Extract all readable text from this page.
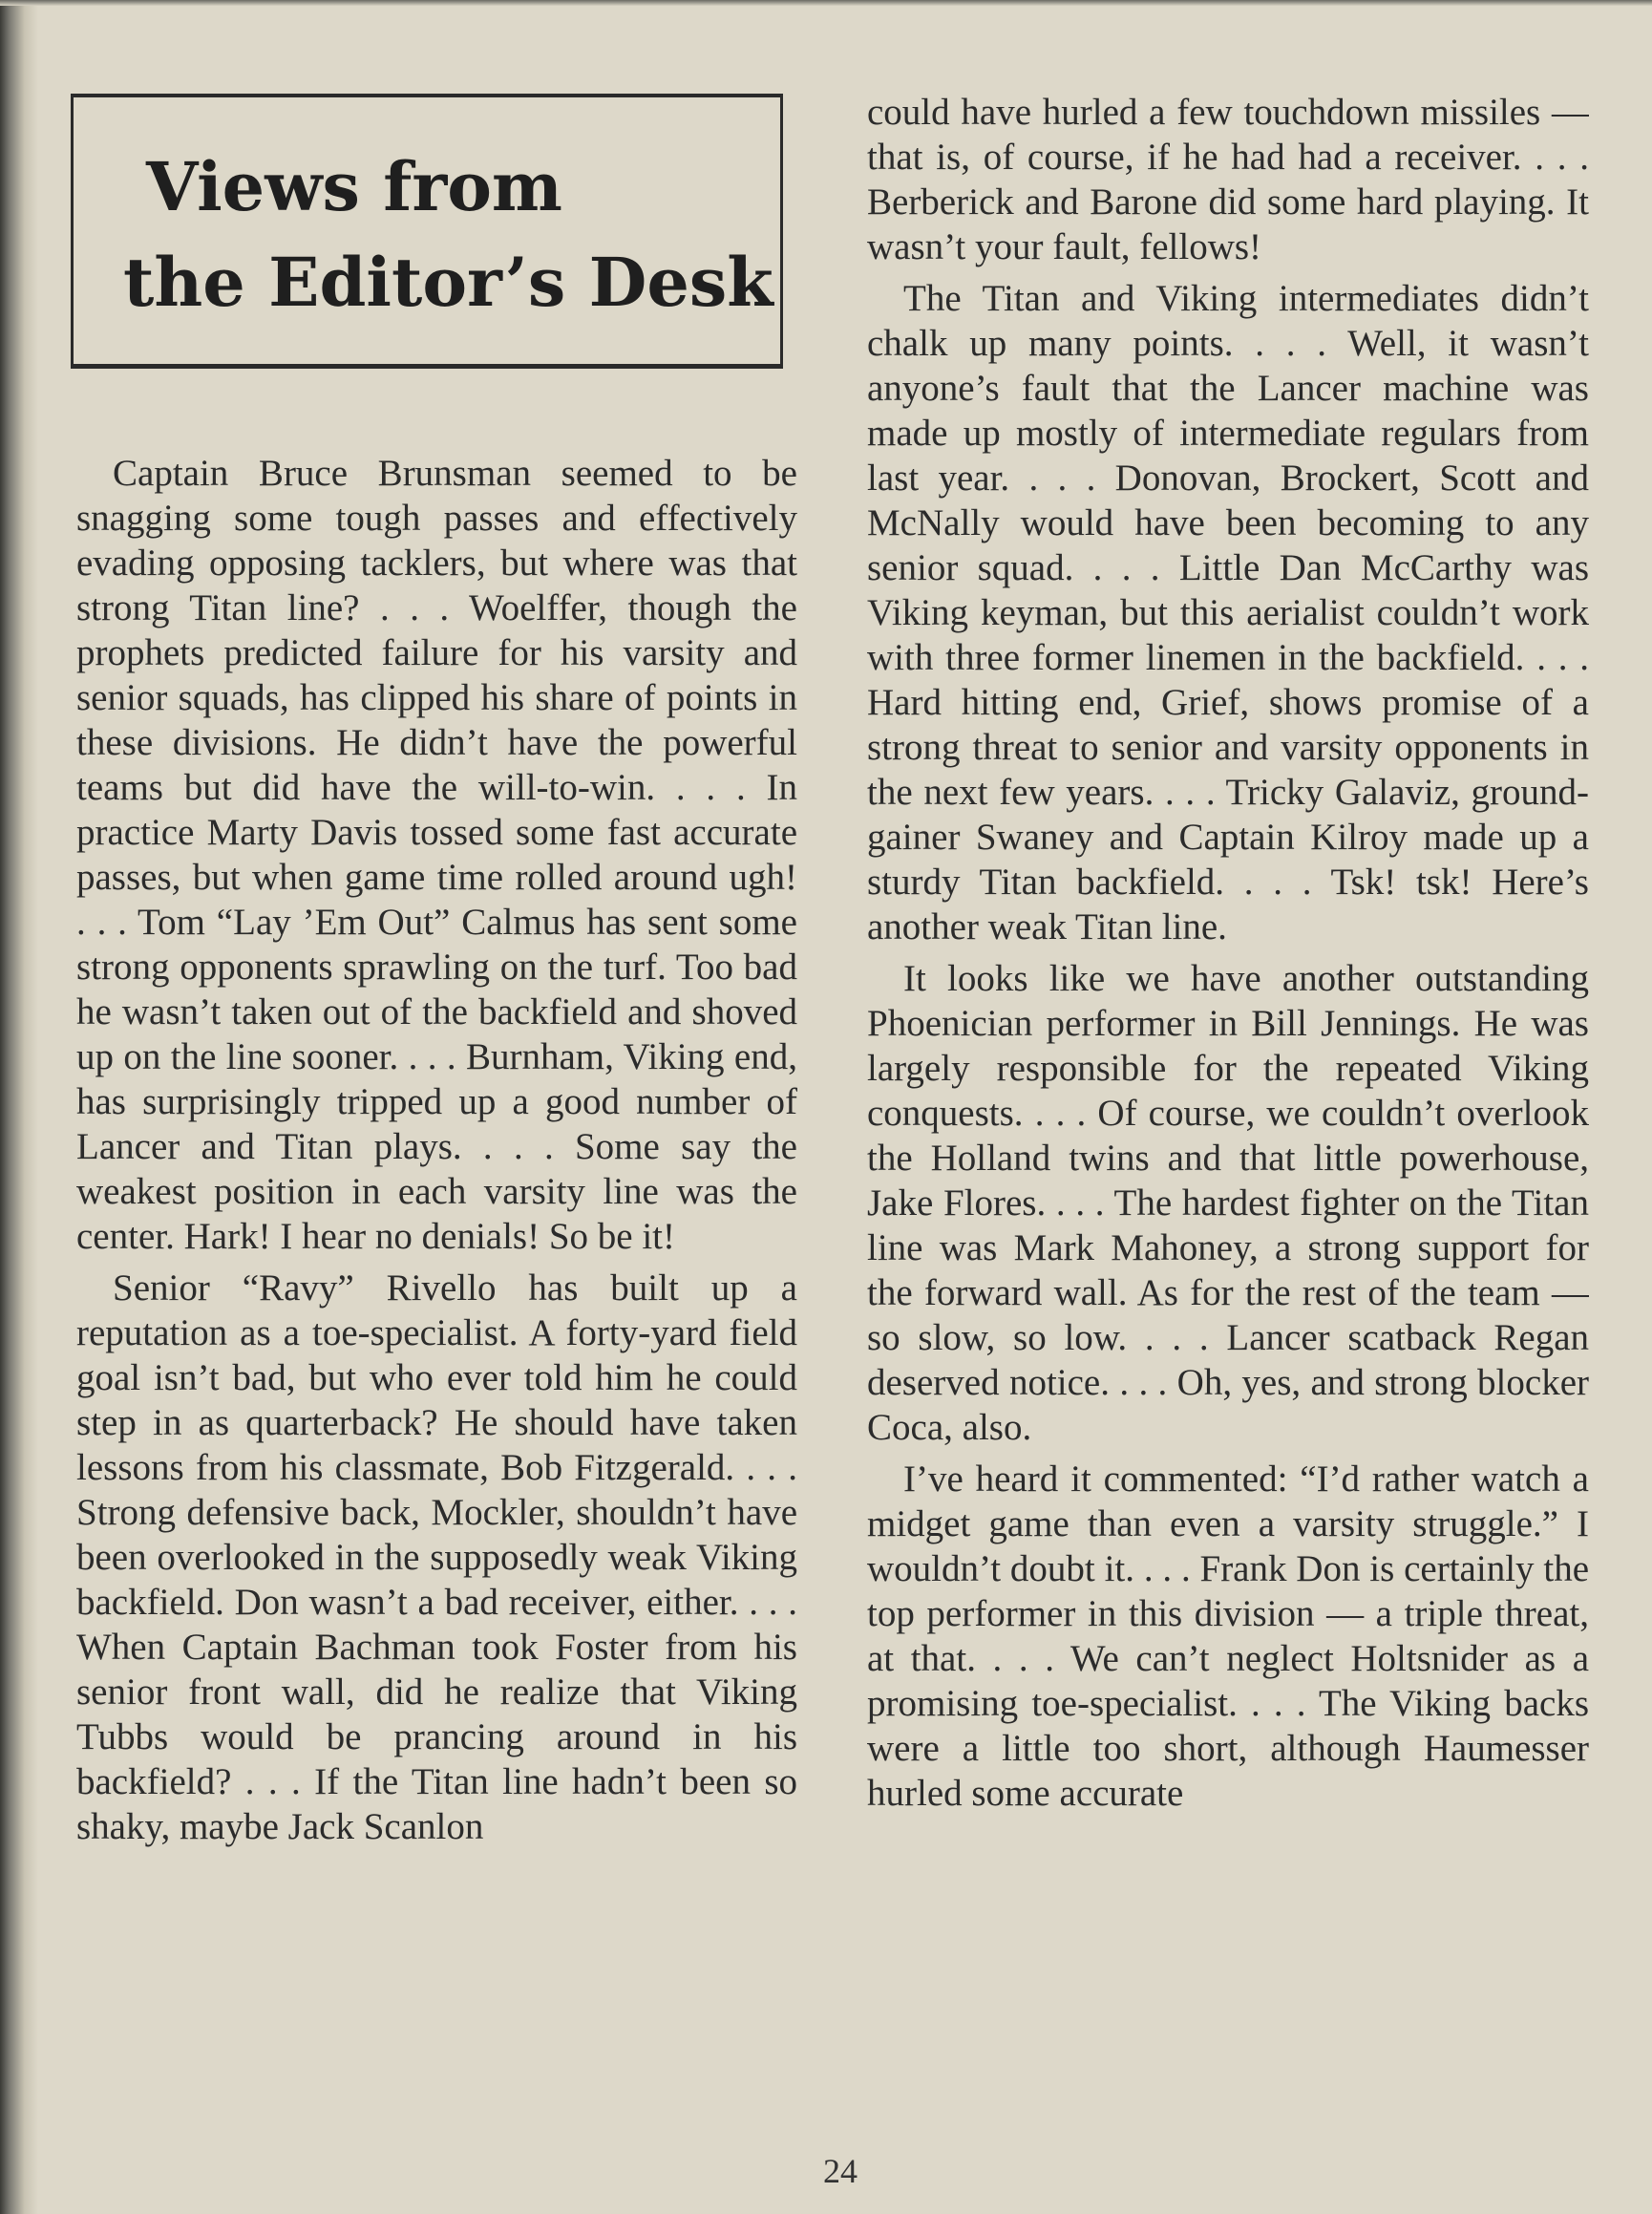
Views from
the Editor’s Desk

Captain Bruce Brunsman seemed to be snagging some tough passes and effectively evading opposing tacklers, but where was that strong Titan line? . . . Woelffer, though the prophets predicted failure for his varsity and senior squads, has clipped his share of points in these divisions. He didn’t have the powerful teams but did have the will-to-win. . . . In practice Marty Davis tossed some fast accurate passes, but when game time rolled around ugh! . . . Tom “Lay ’Em Out” Calmus has sent some strong opponents sprawling on the turf. Too bad he wasn’t taken out of the backfield and shoved up on the line sooner. . . . Burnham, Viking end, has surprisingly tripped up a good number of Lancer and Titan plays. . . . Some say the weakest position in each varsity line was the center. Hark! I hear no denials! So be it!

Senior “Ravy” Rivello has built up a reputation as a toe-specialist. A forty-yard field goal isn’t bad, but who ever told him he could step in as quarterback? He should have taken lessons from his classmate, Bob Fitzgerald. . . . Strong defensive back, Mockler, shouldn’t have been overlooked in the supposedly weak Viking backfield. Don wasn’t a bad receiver, either. . . . When Captain Bachman took Foster from his senior front wall, did he realize that Viking Tubbs would be prancing around in his backfield? . . . If the Titan line hadn’t been so shaky, maybe Jack Scanlon

could have hurled a few touchdown missiles — that is, of course, if he had had a receiver. . . . Berberick and Barone did some hard playing. It wasn’t your fault, fellows!

The Titan and Viking intermediates didn’t chalk up many points. . . . Well, it wasn’t anyone’s fault that the Lancer machine was made up mostly of intermediate regulars from last year. . . . Donovan, Brockert, Scott and McNally would have been becoming to any senior squad. . . . Little Dan McCarthy was Viking keyman, but this aerialist couldn’t work with three former linemen in the backfield. . . . Hard hitting end, Grief, shows promise of a strong threat to senior and varsity opponents in the next few years. . . . Tricky Galaviz, ground-gainer Swaney and Captain Kilroy made up a sturdy Titan backfield. . . . Tsk! tsk! Here’s another weak Titan line.

It looks like we have another outstanding Phoenician performer in Bill Jennings. He was largely responsible for the repeated Viking conquests. . . . Of course, we couldn’t overlook the Holland twins and that little powerhouse, Jake Flores. . . . The hardest fighter on the Titan line was Mark Mahoney, a strong support for the forward wall. As for the rest of the team — so slow, so low. . . . Lancer scatback Regan deserved notice. . . . Oh, yes, and strong blocker Coca, also.

I’ve heard it commented: “I’d rather watch a midget game than even a varsity struggle.” I wouldn’t doubt it. . . . Frank Don is certainly the top performer in this division — a triple threat, at that. . . . We can’t neglect Holtsnider as a promising toe-specialist. . . . The Viking backs were a little too short, although Haumesser hurled some accurate

24
